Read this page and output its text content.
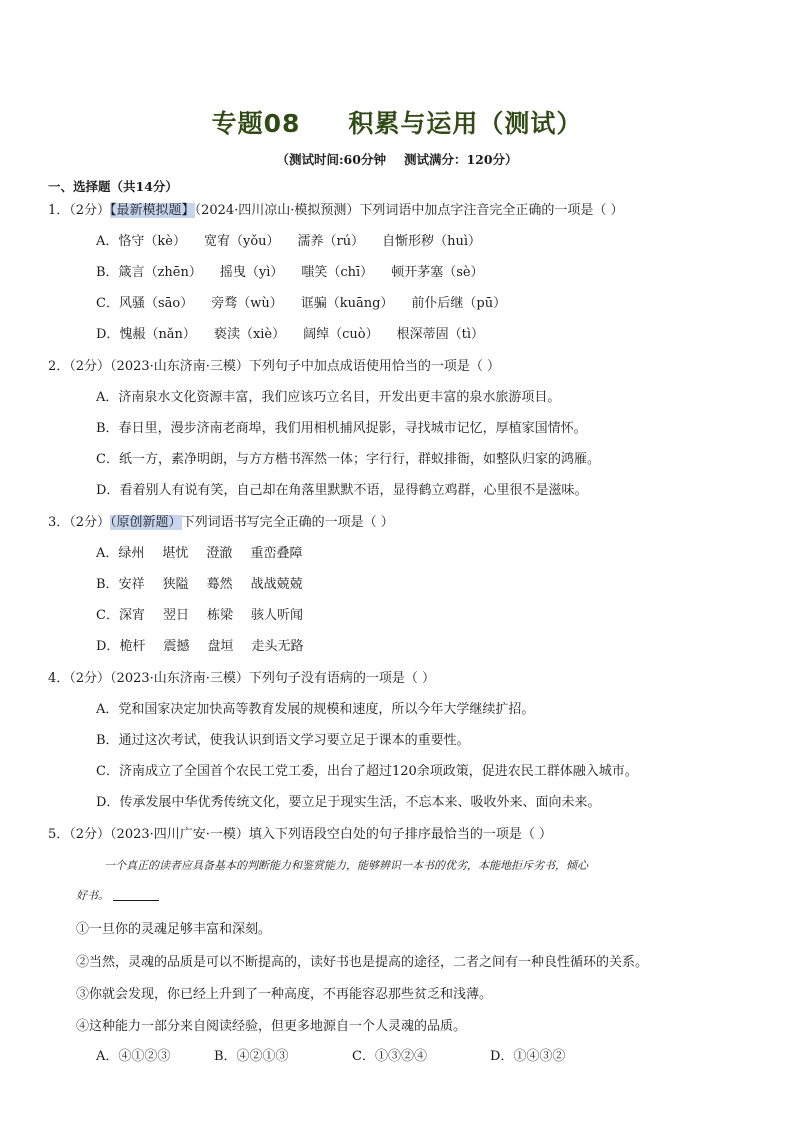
专题08 积累与运用（测试）
（测试时间:60分钟 测试满分：120分）
一、选择题（共14分）
1．（2分）【最新模拟题】（2024·四川凉山·模拟预测）下列词语中加点字注音完全正确的一项是（ ）
A．恪守（kè） 宽宥（yǒu） 濡养（rú） 自惭形秽（huì）
B．箴言（zhēn） 摇曳（yì） 嗤笑（chī） 顿开茅塞（sè）
C．风骚（sāo） 旁骛（wù） 诓骗（kuāng） 前仆后继（pū）
D．愧赧（nǎn） 亵渎（xiè） 阔绰（cuò） 根深蒂固（tì）
2．（2分）（2023·山东济南·三模）下列句子中加点成语使用恰当的一项是（ ）
A．济南泉水文化资源丰富，我们应该巧立名目，开发出更丰富的泉水旅游项目。
B．春日里，漫步济南老商埠，我们用相机捕风捉影，寻找城市记忆，厚植家国情怀。
C．纸一方，素净明朗，与方方楷书浑然一体；字行行，群蚁排衙，如整队归家的鸿雁。
D．看着别人有说有笑，自己却在角落里默默不语，显得鹤立鸡群，心里很不是滋味。
3．（2分）（原创新题）下列词语书写完全正确的一项是（ ）
A．绿州 堪忧 澄澈 重峦叠障
B．安祥 狭隘 蓦然 战战兢兢
C．深宵 翌日 栋梁 骇人听闻
D．桅杆 震撼 盘垣 走头无路
4．（2分）（2023·山东济南·三模）下列句子没有语病的一项是（ ）
A．党和国家决定加快高等教育发展的规模和速度，所以今年大学继续扩招。
B．通过这次考试，使我认识到语文学习要立足于课本的重要性。
C．济南成立了全国首个农民工党工委，出台了超过120余项政策，促进农民工群体融入城市。
D．传承发展中华优秀传统文化，要立足于现实生活，不忘本来、吸收外来、面向未来。
5．（2分）（2023·四川广安·一模）填入下列语段空白处的句子排序最恰当的一项是（ ）
一个真正的读者应具备基本的判断能力和鉴赏能力，能够辨识一本书的优劣，本能地拒斥劣书，倾心
好书。
①一旦你的灵魂足够丰富和深刻。
②当然，灵魂的品质是可以不断提高的，读好书也是提高的途径，二者之间有一种良性循环的关系。
③你就会发现，你已经上升到了一种高度，不再能容忍那些贫乏和浅薄。
④这种能力一部分来自阅读经验，但更多地源自一个人灵魂的品质。
A．④①②③	B．④②①③	C．①③②④	D．①④③②
